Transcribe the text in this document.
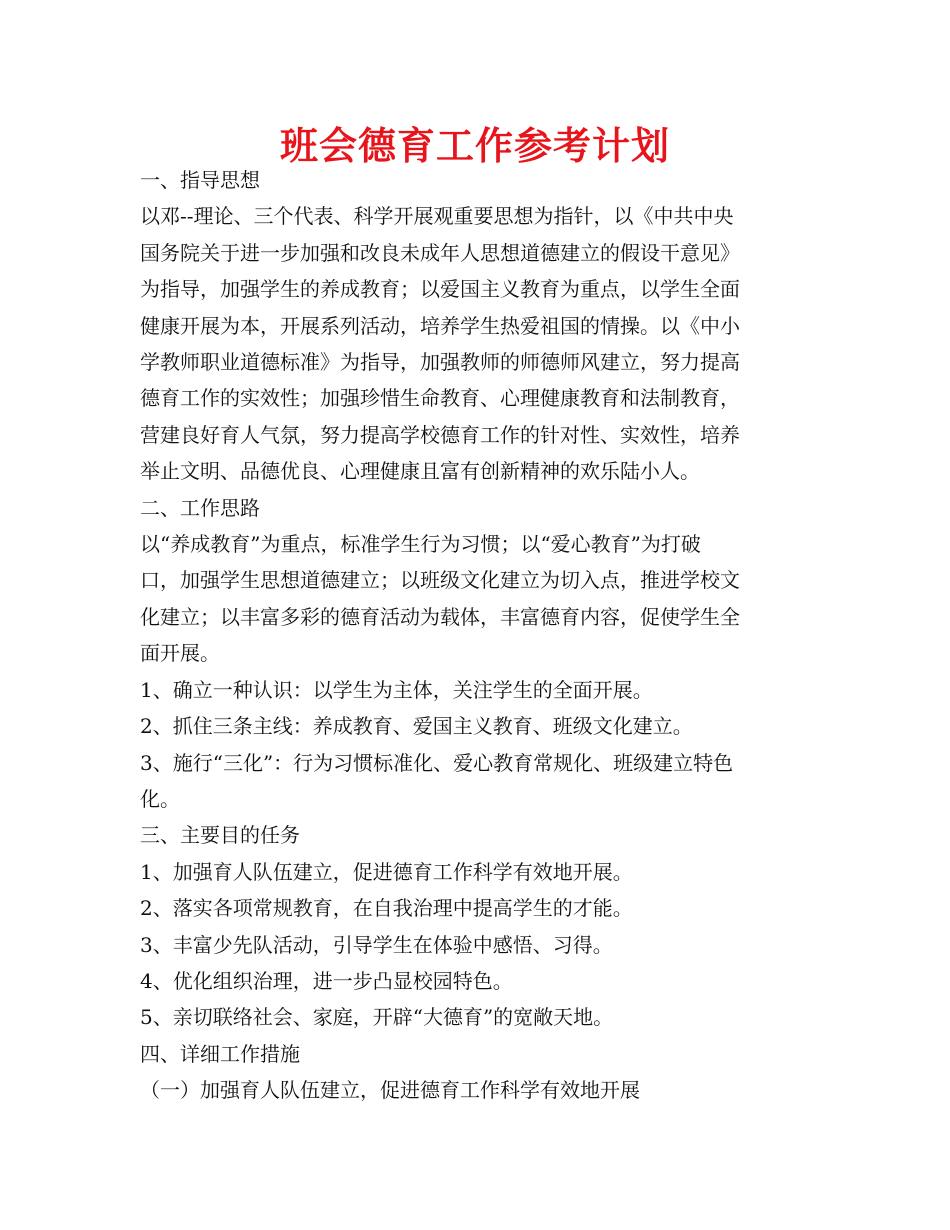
班会德育工作参考计划
一、指导思想
以邓--理论、三个代表、科学开展观重要思想为指针，以《中共中央
国务院关于进一步加强和改良未成年人思想道德建立的假设干意见》
为指导，加强学生的养成教育；以爱国主义教育为重点，以学生全面
健康开展为本，开展系列活动，培养学生热爱祖国的情操。以《中小
学教师职业道德标准》为指导，加强教师的师德师风建立，努力提高
德育工作的实效性；加强珍惜生命教育、心理健康教育和法制教育，
营建良好育人气氛，努力提高学校德育工作的针对性、实效性，培养
举止文明、品德优良、心理健康且富有创新精神的欢乐陆小人。
二、工作思路
以“养成教育”为重点，标准学生行为习惯；以“爱心教育”为打破
口，加强学生思想道德建立；以班级文化建立为切入点，推进学校文
化建立；以丰富多彩的德育活动为载体，丰富德育内容，促使学生全
面开展。
1、确立一种认识：以学生为主体，关注学生的全面开展。
2、抓住三条主线：养成教育、爱国主义教育、班级文化建立。
3、施行“三化”：行为习惯标准化、爱心教育常规化、班级建立特色
化。
三、主要目的任务
1、加强育人队伍建立，促进德育工作科学有效地开展。
2、落实各项常规教育，在自我治理中提高学生的才能。
3、丰富少先队活动，引导学生在体验中感悟、习得。
4、优化组织治理，进一步凸显校园特色。
5、亲切联络社会、家庭，开辟“大德育”的宽敞天地。
四、详细工作措施
（一）加强育人队伍建立，促进德育工作科学有效地开展
